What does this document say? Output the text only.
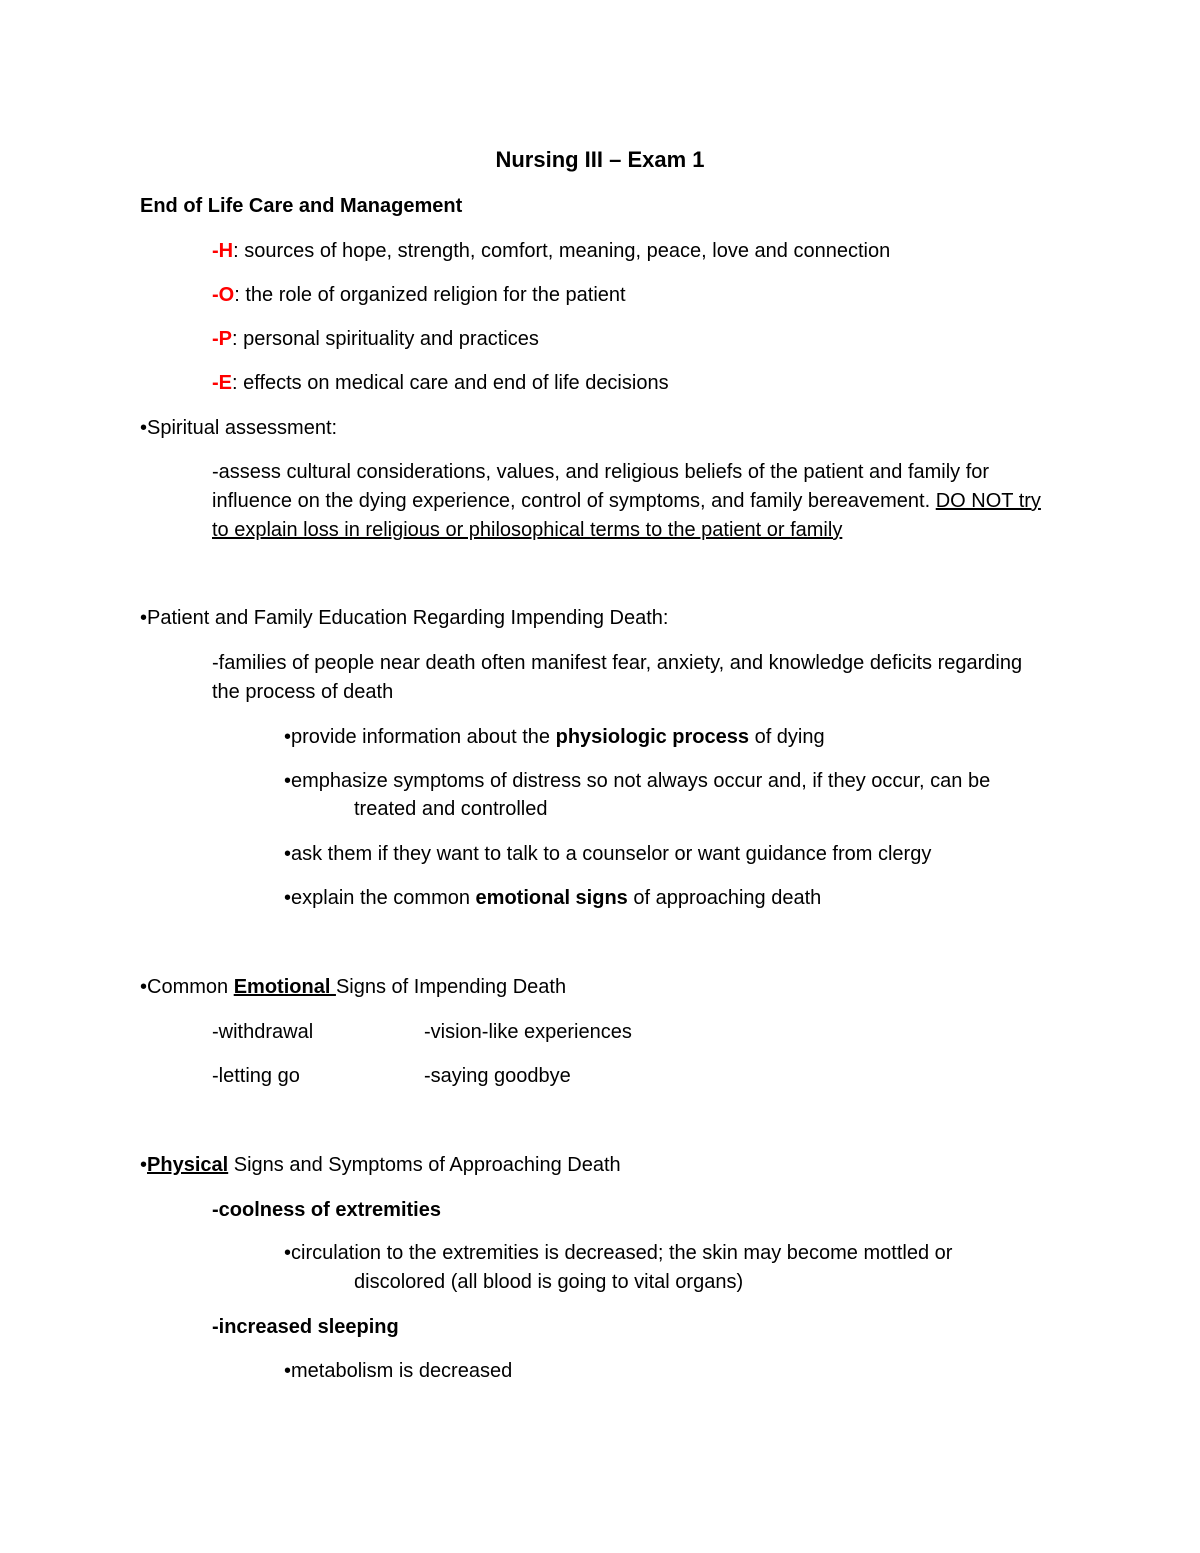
Nursing III – Exam 1
End of Life Care and Management
-H: sources of hope, strength, comfort, meaning, peace, love and connection
-O: the role of organized religion for the patient
-P: personal spirituality and practices
-E: effects on medical care and end of life decisions
•Spiritual assessment:
-assess cultural considerations, values, and religious beliefs of the patient and family for influence on the dying experience, control of symptoms, and family bereavement. DO NOT try to explain loss in religious or philosophical terms to the patient or family
•Patient and Family Education Regarding Impending Death:
-families of people near death often manifest fear, anxiety, and knowledge deficits regarding the process of death
•provide information about the physiologic process of dying
•emphasize symptoms of distress so not always occur and, if they occur, can be
treated and controlled
•ask them if they want to talk to a counselor or want guidance from clergy
•explain the common emotional signs of approaching death
•Common Emotional Signs of Impending Death
-withdrawal	-vision-like experiences
-letting go	-saying goodbye
•Physical Signs and Symptoms of Approaching Death
-coolness of extremities
•circulation to the extremities is decreased; the skin may become mottled or
discolored (all blood is going to vital organs)
-increased sleeping
•metabolism is decreased
